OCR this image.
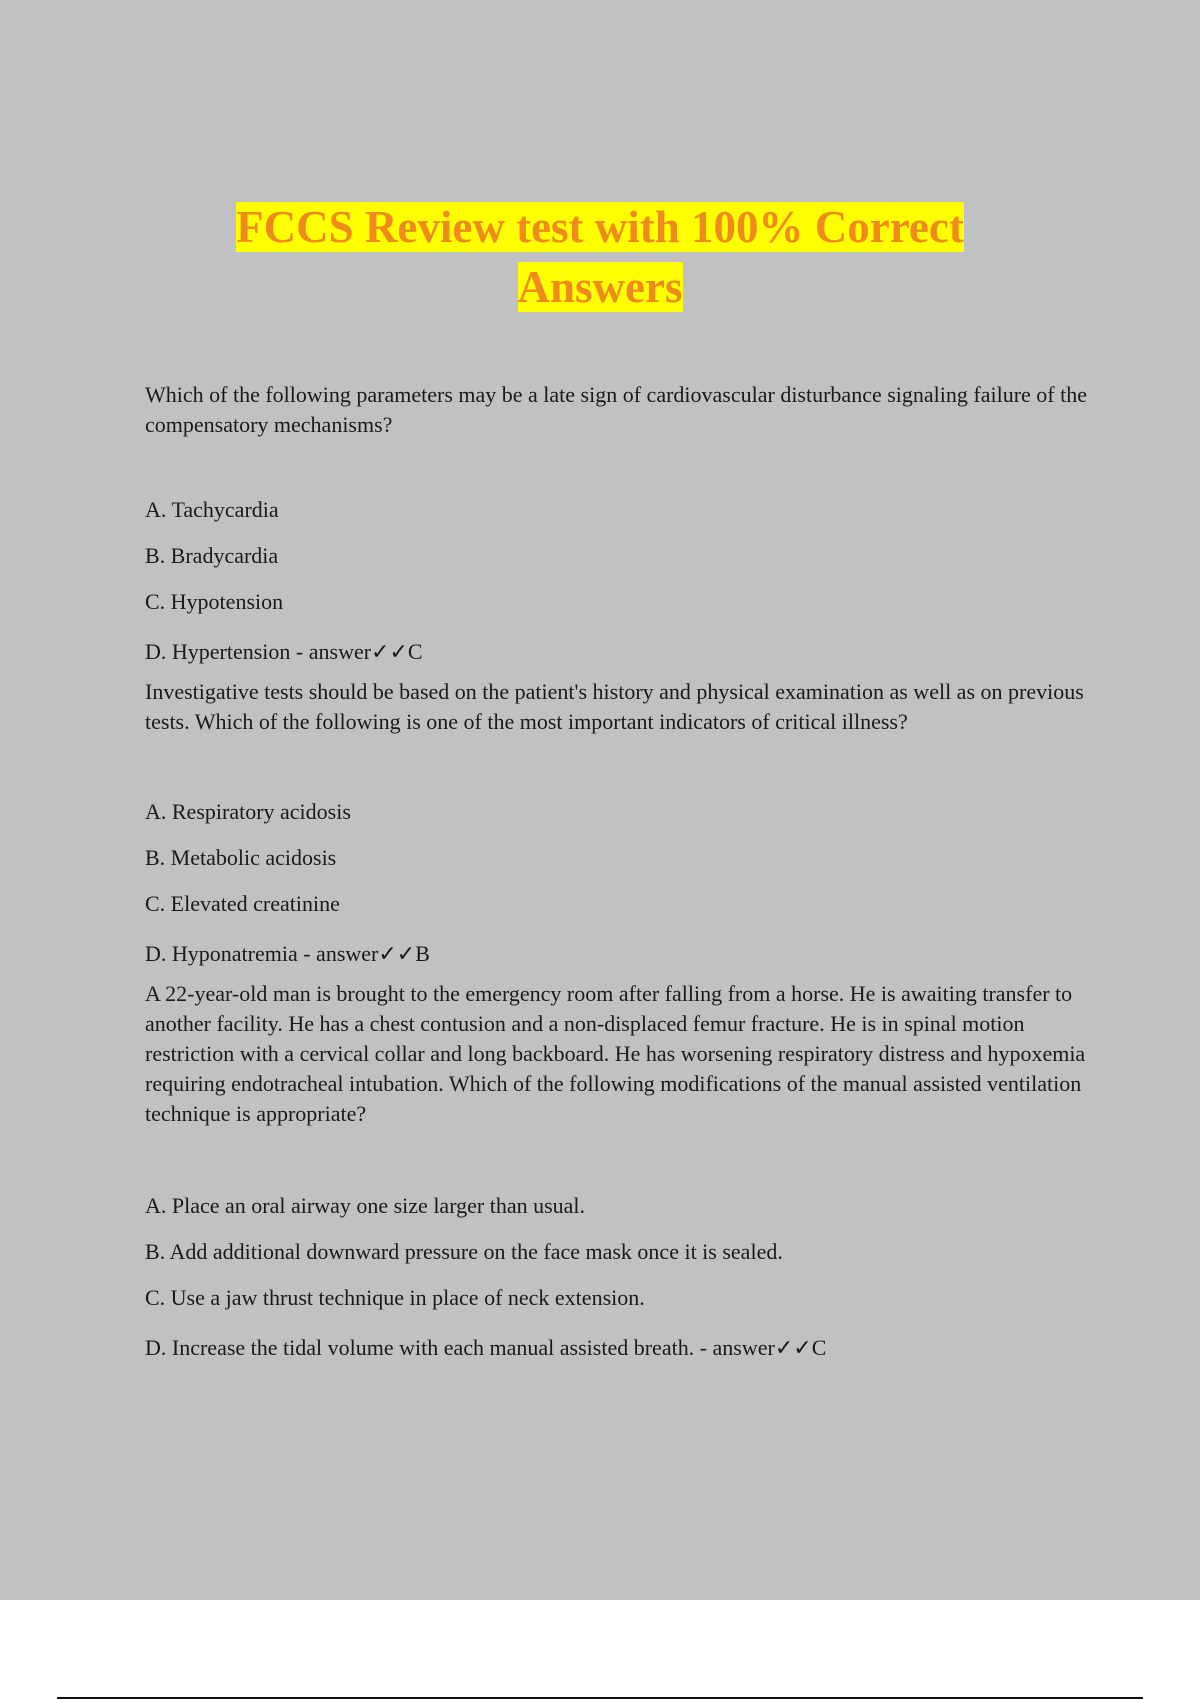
FCCS Review test with 100% Correct
Answers

Which of the following parameters may be a late sign of cardiovascular disturbance signaling failure of the compensatory mechanisms?

A. Tachycardia
B. Bradycardia
C. Hypotension
D. Hypertension - answer✓✓C

Investigative tests should be based on the patient's history and physical examination as well as on previous tests. Which of the following is one of the most important indicators of critical illness?

A. Respiratory acidosis
B. Metabolic acidosis
C. Elevated creatinine
D. Hyponatremia - answer✓✓B

A 22-year-old man is brought to the emergency room after falling from a horse. He is awaiting transfer to another facility. He has a chest contusion and a non-displaced femur fracture. He is in spinal motion restriction with a cervical collar and long backboard. He has worsening respiratory distress and hypoxemia requiring endotracheal intubation. Which of the following modifications of the manual assisted ventilation technique is appropriate?

A. Place an oral airway one size larger than usual.
B. Add additional downward pressure on the face mask once it is sealed.
C. Use a jaw thrust technique in place of neck extension.
D. Increase the tidal volume with each manual assisted breath. - answer✓✓C
